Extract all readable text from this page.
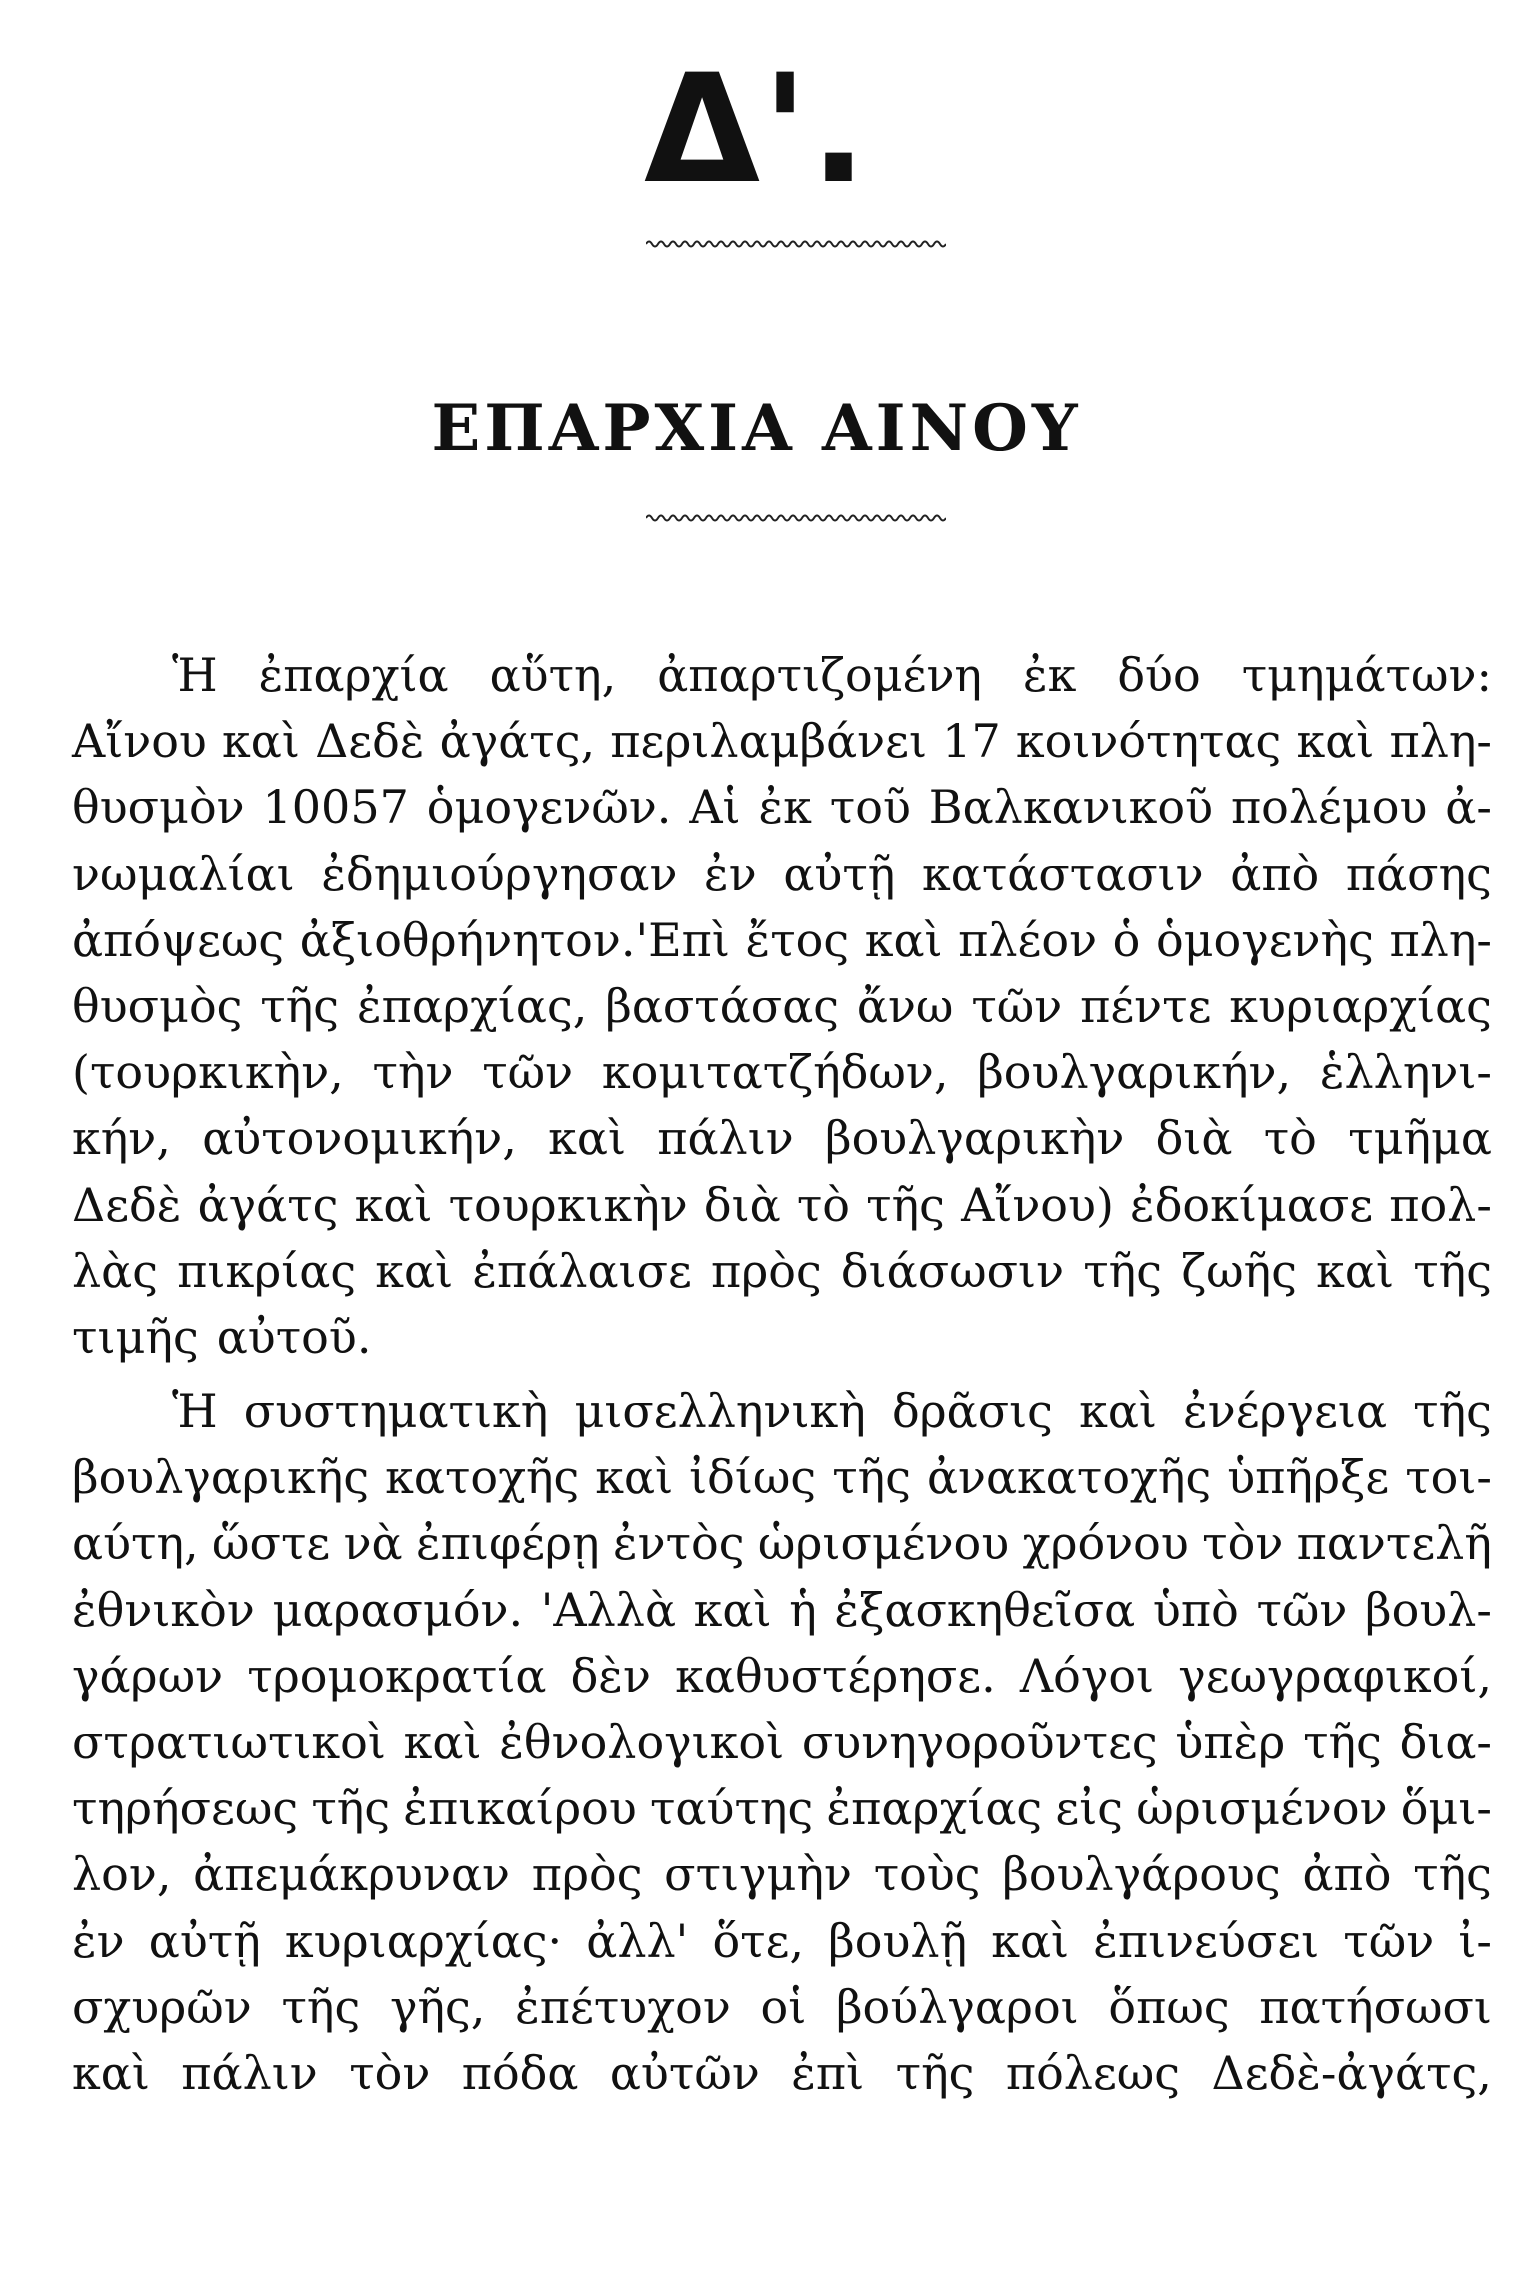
Δ'.
ΕΠΑΡΧΙΑ ΑΙΝΟΥ
Ἡ ἐπαρχία αὕτη, ἀπαρτιζομένη ἐκ δύο τμημάτων:
Αἴνου καὶ Δεδὲ ἀγάτς, περιλαμβάνει 17 κοινότητας καὶ πλη-
θυσμὸν 10057 ὁμογενῶν. Αἱ ἐκ τοῦ Βαλκανικοῦ πολέμου ἀ-
νωμαλίαι ἐδημιούργησαν ἐν αὐτῇ κατάστασιν ἀπὸ πάσης
ἀπόψεως ἀξιοθρήνητον.'Επὶ ἔτος καὶ πλέον ὁ ὁμογενὴς πλη-
θυσμὸς τῆς ἐπαρχίας, βαστάσας ἄνω τῶν πέντε κυριαρχίας
(τουρκικὴν, τὴν τῶν κομιτατζήδων, βουλγαρικήν, ἑλληνι-
κήν, αὐτονομικήν, καὶ πάλιν βουλγαρικὴν διὰ τὸ τμῆμα
Δεδὲ ἀγάτς καὶ τουρκικὴν διὰ τὸ τῆς Αἴνου) ἐδοκίμασε πολ-
λὰς πικρίας καὶ ἐπάλαισε πρὸς διάσωσιν τῆς ζωῆς καὶ τῆς
τιμῆς αὐτοῦ.
Ἡ συστηματικὴ μισελληνικὴ δρᾶσις καὶ ἐνέργεια τῆς
βουλγαρικῆς κατοχῆς καὶ ἰδίως τῆς ἀνακατοχῆς ὑπῆρξε τοι-
αύτη, ὥστε νὰ ἐπιφέρῃ ἐντὸς ὡρισμένου χρόνου τὸν παντελῆ
ἐθνικὸν μαρασμόν. 'Αλλὰ καὶ ἡ ἐξασκηθεῖσα ὑπὸ τῶν βουλ-
γάρων τρομοκρατία δὲν καθυστέρησε. Λόγοι γεωγραφικοί,
στρατιωτικοὶ καὶ ἐθνολογικοὶ συνηγοροῦντες ὑπὲρ τῆς δια-
τηρήσεως τῆς ἐπικαίρου ταύτης ἐπαρχίας εἰς ὡρισμένον ὅμι-
λον, ἀπεμάκρυναν πρὸς στιγμὴν τοὺς βουλγάρους ἀπὸ τῆς
ἐν αὐτῇ κυριαρχίας· ἀλλ' ὅτε, βουλῇ καὶ ἐπινεύσει τῶν ἰ-
σχυρῶν τῆς γῆς, ἐπέτυχον οἱ βούλγαροι ὅπως πατήσωσι
καὶ πάλιν τὸν πόδα αὐτῶν ἐπὶ τῆς πόλεως Δεδὲ-ἀγάτς,
